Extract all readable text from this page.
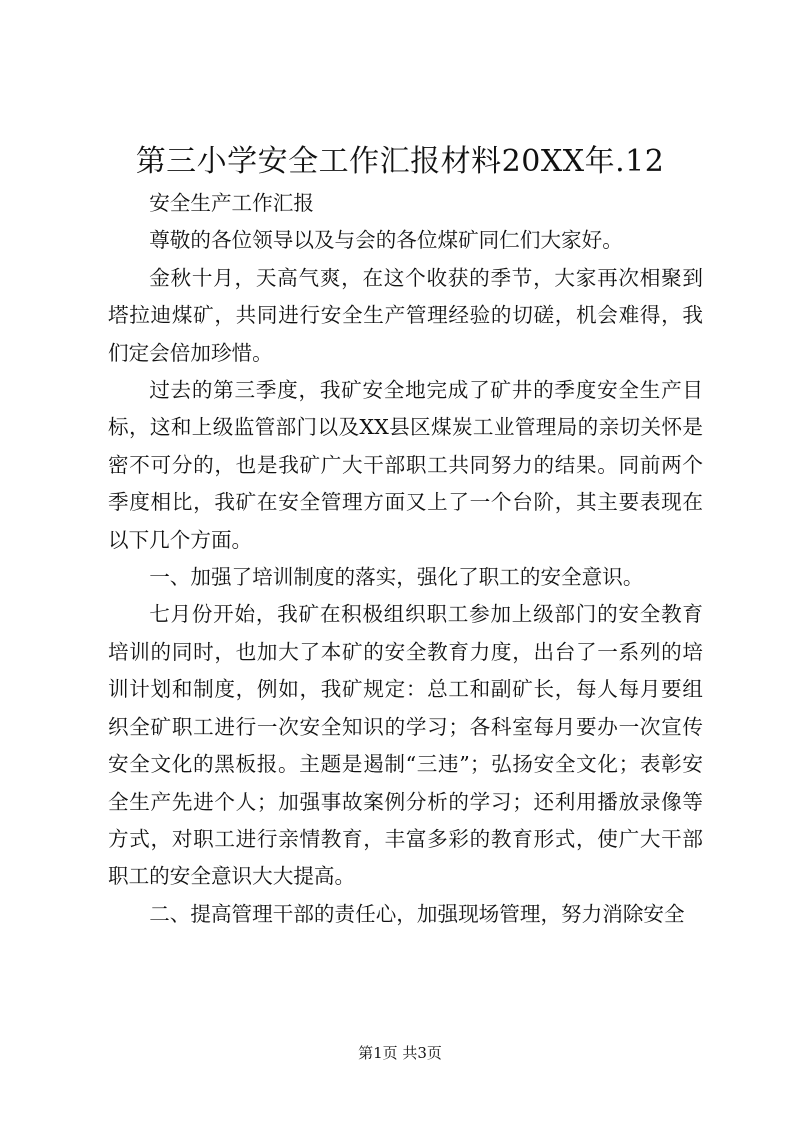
第三小学安全工作汇报材料20XX年.12

安全生产工作汇报

尊敬的各位领导以及与会的各位煤矿同仁们大家好。

金秋十月，天高气爽，在这个收获的季节，大家再次相聚到塔拉迪煤矿，共同进行安全生产管理经验的切磋，机会难得，我们定会倍加珍惜。

过去的第三季度，我矿安全地完成了矿井的季度安全生产目标，这和上级监管部门以及XX县区煤炭工业管理局的亲切关怀是密不可分的，也是我矿广大干部职工共同努力的结果。同前两个季度相比，我矿在安全管理方面又上了一个台阶，其主要表现在以下几个方面。

一、加强了培训制度的落实，强化了职工的安全意识。

七月份开始，我矿在积极组织职工参加上级部门的安全教育培训的同时，也加大了本矿的安全教育力度，出台了一系列的培训计划和制度，例如，我矿规定：总工和副矿长，每人每月要组织全矿职工进行一次安全知识的学习；各科室每月要办一次宣传安全文化的黑板报。主题是遏制“三违”；弘扬安全文化；表彰安全生产先进个人；加强事故案例分析的学习；还利用播放录像等方式，对职工进行亲情教育，丰富多彩的教育形式，使广大干部职工的安全意识大大提高。

二、提高管理干部的责任心，加强现场管理，努力消除安全

第1页 共3页
